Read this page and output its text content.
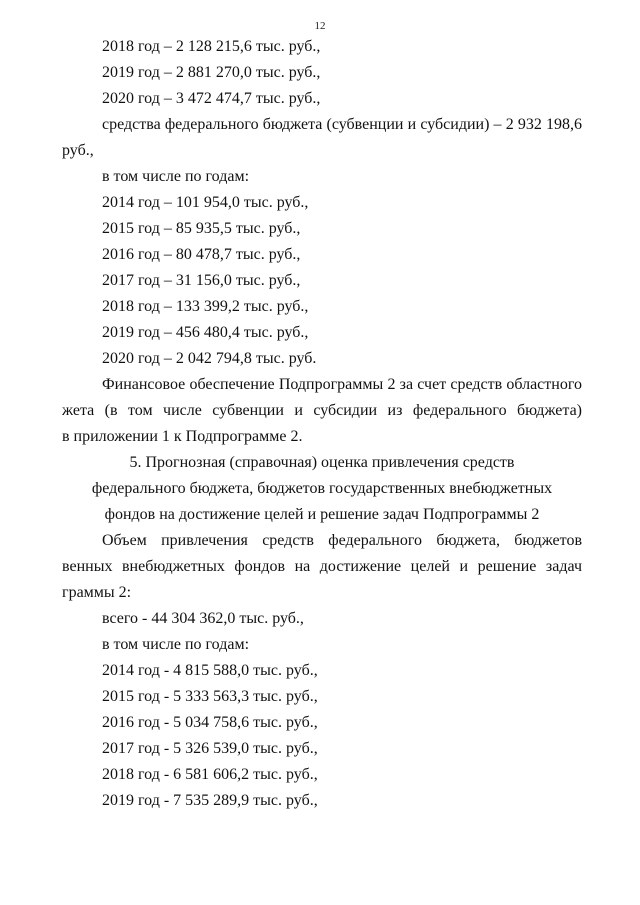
12
2018 год – 2 128 215,6 тыс. руб.,
2019 год – 2 881 270,0 тыс. руб.,
2020 год – 3 472 474,7 тыс. руб.,
средства федерального бюджета (субвенции и субсидии) – 2 932 198,6
руб.,
в том числе по годам:
2014 год – 101 954,0 тыс. руб.,
2015 год – 85 935,5 тыс. руб.,
2016 год – 80 478,7 тыс. руб.,
2017 год – 31 156,0 тыс. руб.,
2018 год – 133 399,2 тыс. руб.,
2019 год – 456 480,4 тыс. руб.,
2020 год – 2 042 794,8 тыс. руб.
Финансовое обеспечение Подпрограммы 2 за счет средств областного
жета (в том числе субвенции и субсидии из федерального бюджета)
в приложении 1 к Подпрограмме 2.
5. Прогнозная (справочная) оценка привлечения средств
федерального бюджета, бюджетов государственных внебюджетных
фондов на достижение целей и решение задач Подпрограммы 2
Объем привлечения средств федерального бюджета, бюджетов
венных внебюджетных фондов на достижение целей и решение задач
граммы 2:
всего - 44 304 362,0 тыс. руб.,
в том числе по годам:
2014 год - 4 815 588,0 тыс. руб.,
2015 год - 5 333 563,3 тыс. руб.,
2016 год - 5 034 758,6 тыс. руб.,
2017 год - 5 326 539,0 тыс. руб.,
2018 год - 6 581 606,2 тыс. руб.,
2019 год - 7 535 289,9 тыс. руб.,
